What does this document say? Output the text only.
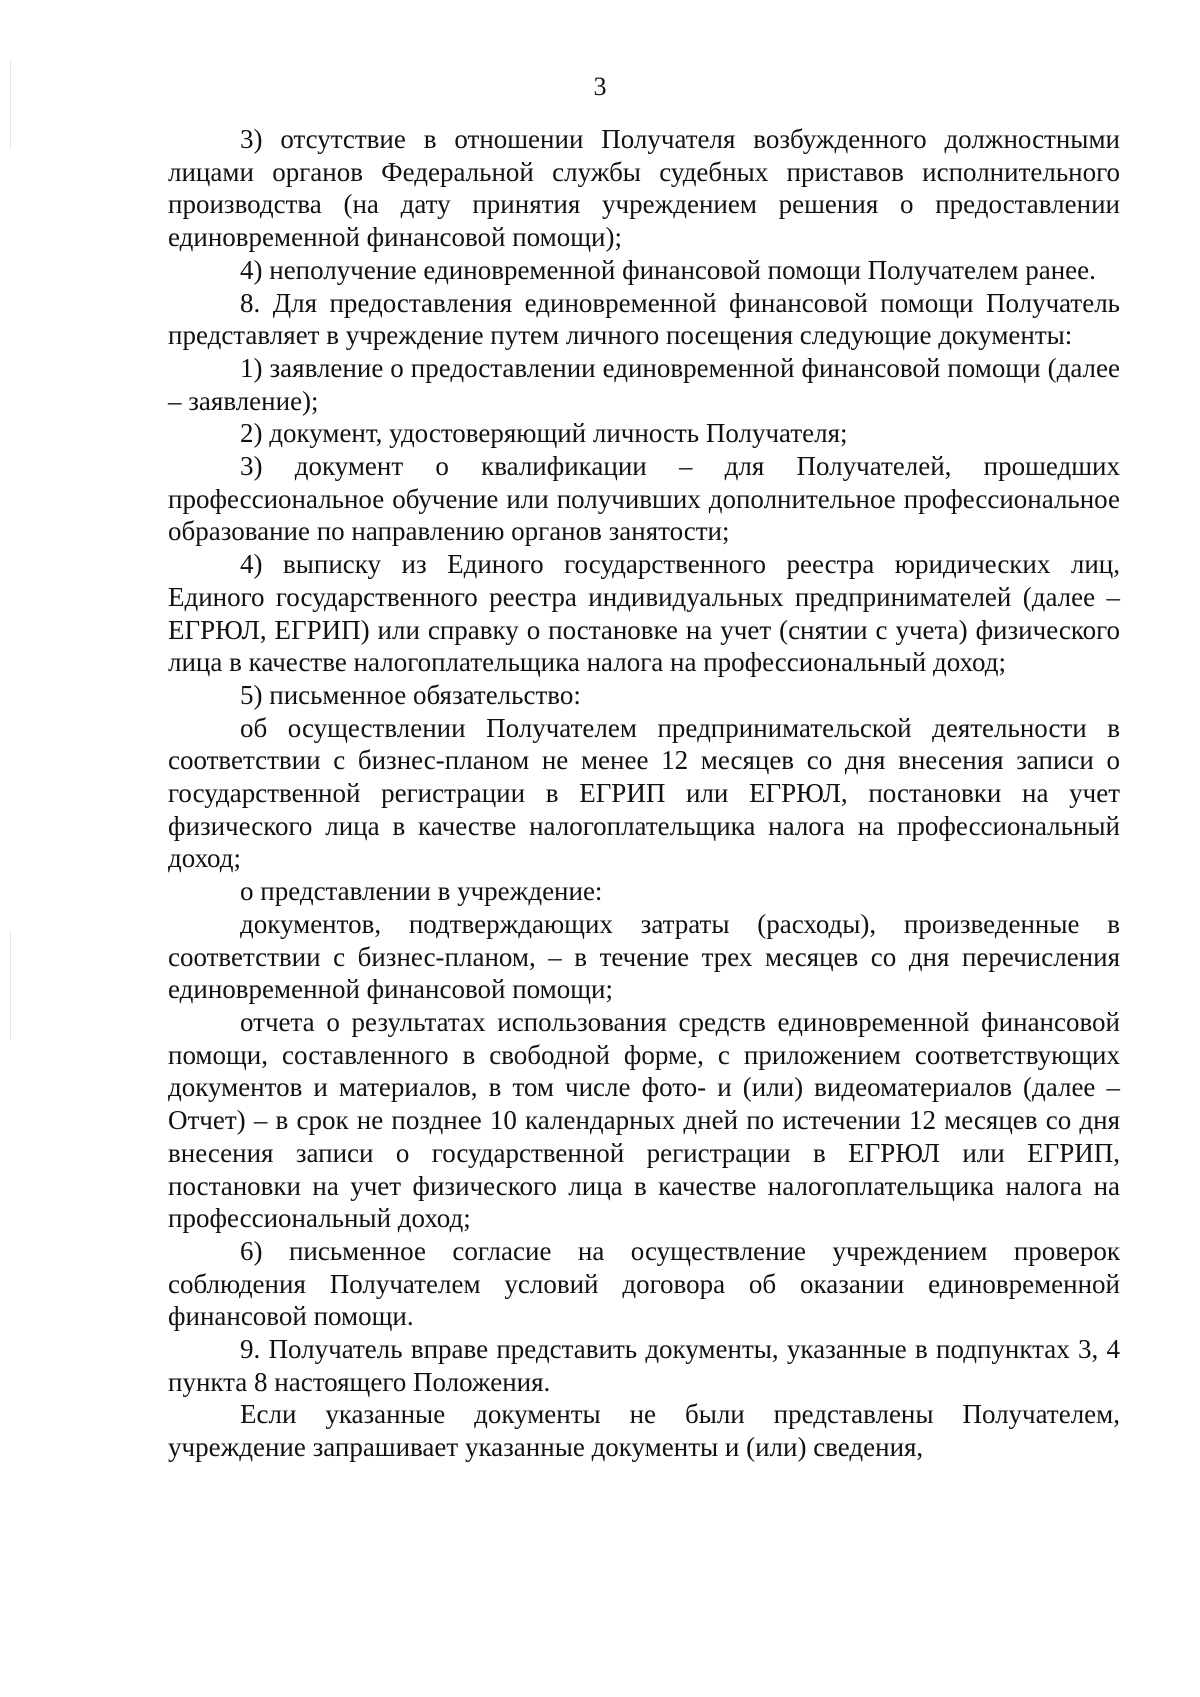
3

3) отсутствие в отношении Получателя возбужденного должностными лицами органов Федеральной службы судебных приставов исполнительного производства (на дату принятия учреждением решения о предоставлении единовременной финансовой помощи);

4) неполучение единовременной финансовой помощи Получателем ранее.

8. Для предоставления единовременной финансовой помощи Получатель представляет в учреждение путем личного посещения следующие документы:

1) заявление о предоставлении единовременной финансовой помощи (далее – заявление);

2) документ, удостоверяющий личность Получателя;

3) документ о квалификации – для Получателей, прошедших профессиональное обучение или получивших дополнительное профессиональное образование по направлению органов занятости;

4) выписку из Единого государственного реестра юридических лиц, Единого государственного реестра индивидуальных предпринимателей (далее – ЕГРЮЛ, ЕГРИП) или справку о постановке на учет (снятии с учета) физического лица в качестве налогоплательщика налога на профессиональный доход;

5) письменное обязательство:

об осуществлении Получателем предпринимательской деятельности в соответствии с бизнес-планом не менее 12 месяцев со дня внесения записи о государственной регистрации в ЕГРИП или ЕГРЮЛ, постановки на учет физического лица в качестве налогоплательщика налога на профессиональный доход;

о представлении в учреждение:

документов, подтверждающих затраты (расходы), произведенные в соответствии с бизнес-планом, – в течение трех месяцев со дня перечисления единовременной финансовой помощи;

отчета о результатах использования средств единовременной финансовой помощи, составленного в свободной форме, с приложением соответствующих документов и материалов, в том числе фото- и (или) видеоматериалов (далее – Отчет) – в срок не позднее 10 календарных дней по истечении 12 месяцев со дня внесения записи о государственной регистрации в ЕГРЮЛ или ЕГРИП, постановки на учет физического лица в качестве налогоплательщика налога на профессиональный доход;

6) письменное согласие на осуществление учреждением проверок соблюдения Получателем условий договора об оказании единовременной финансовой помощи.

9. Получатель вправе представить документы, указанные в подпунктах 3, 4 пункта 8 настоящего Положения.

Если указанные документы не были представлены Получателем, учреждение запрашивает указанные документы и (или) сведения,
